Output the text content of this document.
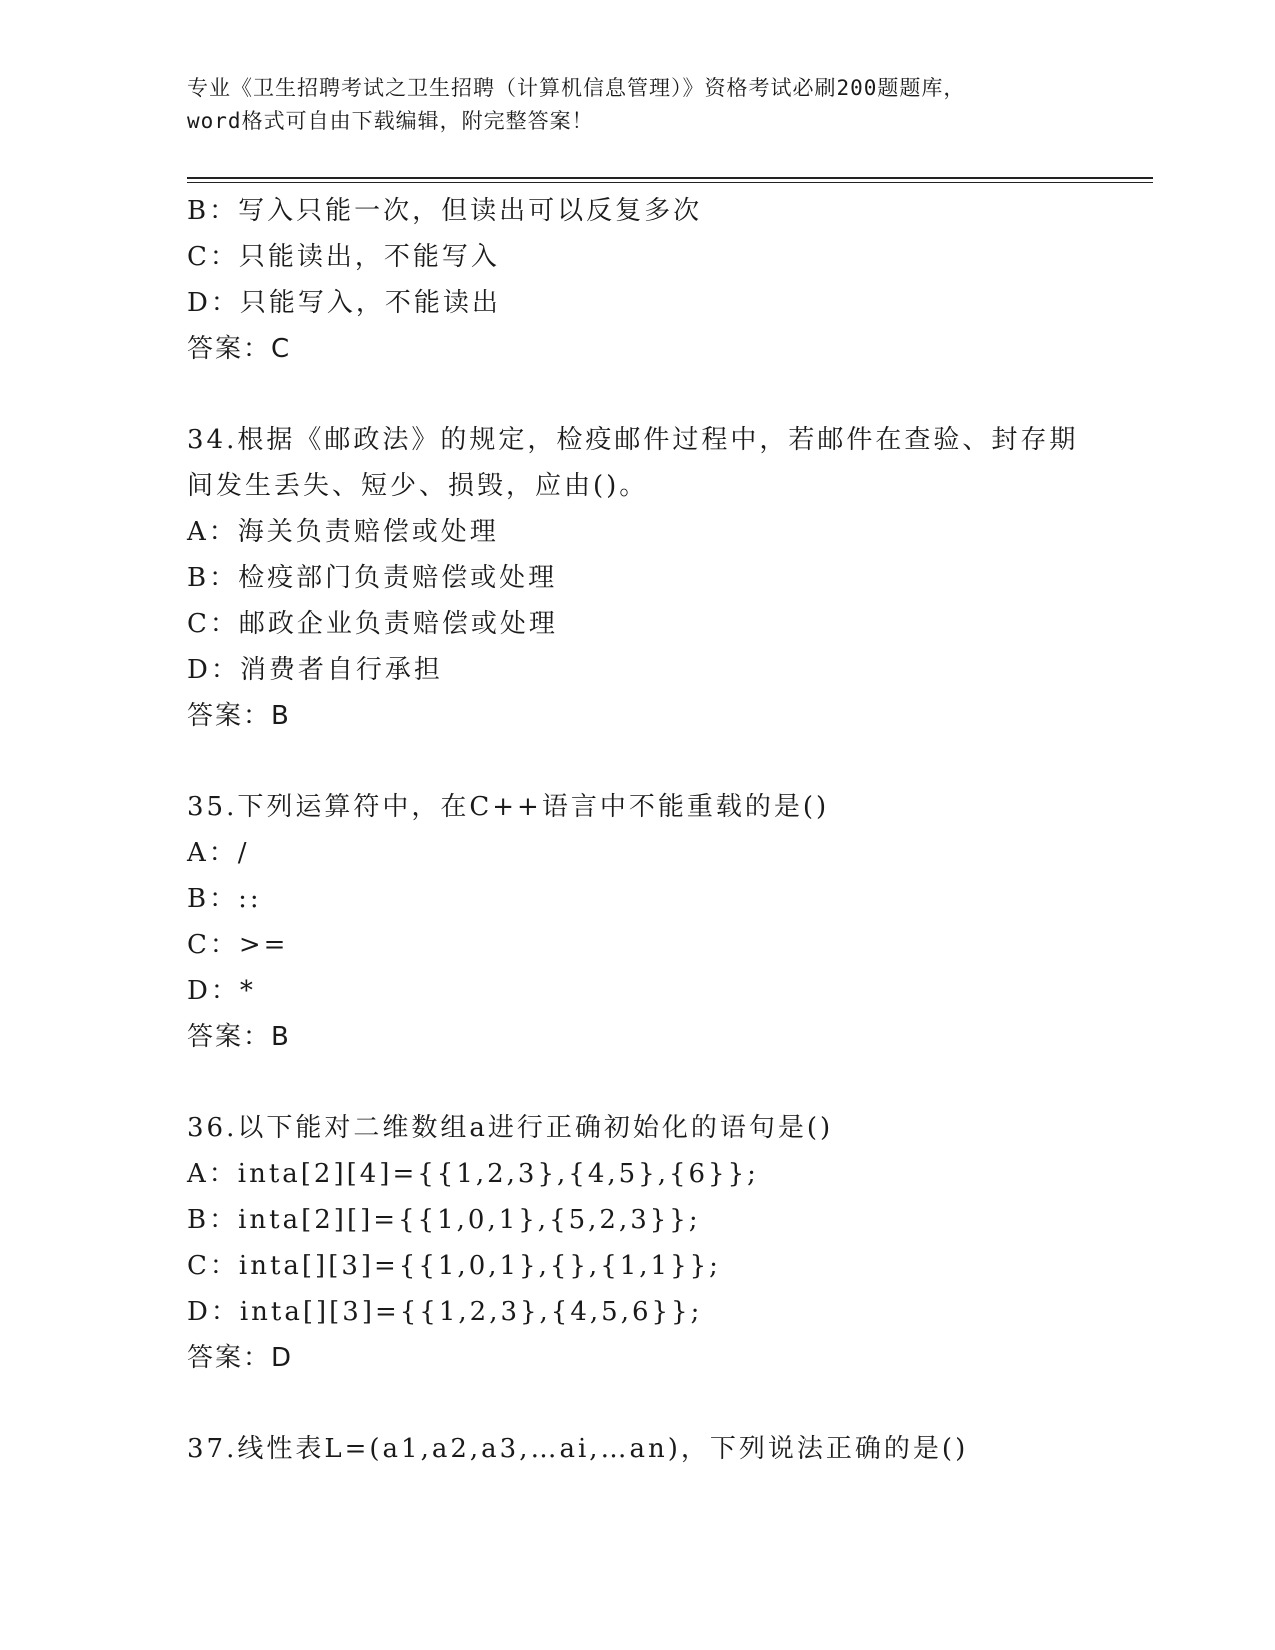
专业《卫生招聘考试之卫生招聘（计算机信息管理）》资格考试必刷200题题库，
word格式可自由下载编辑，附完整答案！
B：写入只能一次，但读出可以反复多次
C：只能读出，不能写入
D：只能写入，不能读出
答案：C
34.根据《邮政法》的规定，检疫邮件过程中，若邮件在查验、封存期
间发生丢失、短少、损毁，应由()。
A：海关负责赔偿或处理
B：检疫部门负责赔偿或处理
C：邮政企业负责赔偿或处理
D：消费者自行承担
答案：B
35.下列运算符中，在C++语言中不能重载的是()
A：/
B：::
C：>=
D：*
答案：B
36.以下能对二维数组a进行正确初始化的语句是()
A：inta[2][4]={{1,2,3},{4,5},{6}};
B：inta[2][]={{1,0,1},{5,2,3}};
C：inta[][3]={{1,0,1},{},{1,1}};
D：inta[][3]={{1,2,3},{4,5,6}};
答案：D
37.线性表L=(a1,a2,a3,…ai,…an)，下列说法正确的是()
